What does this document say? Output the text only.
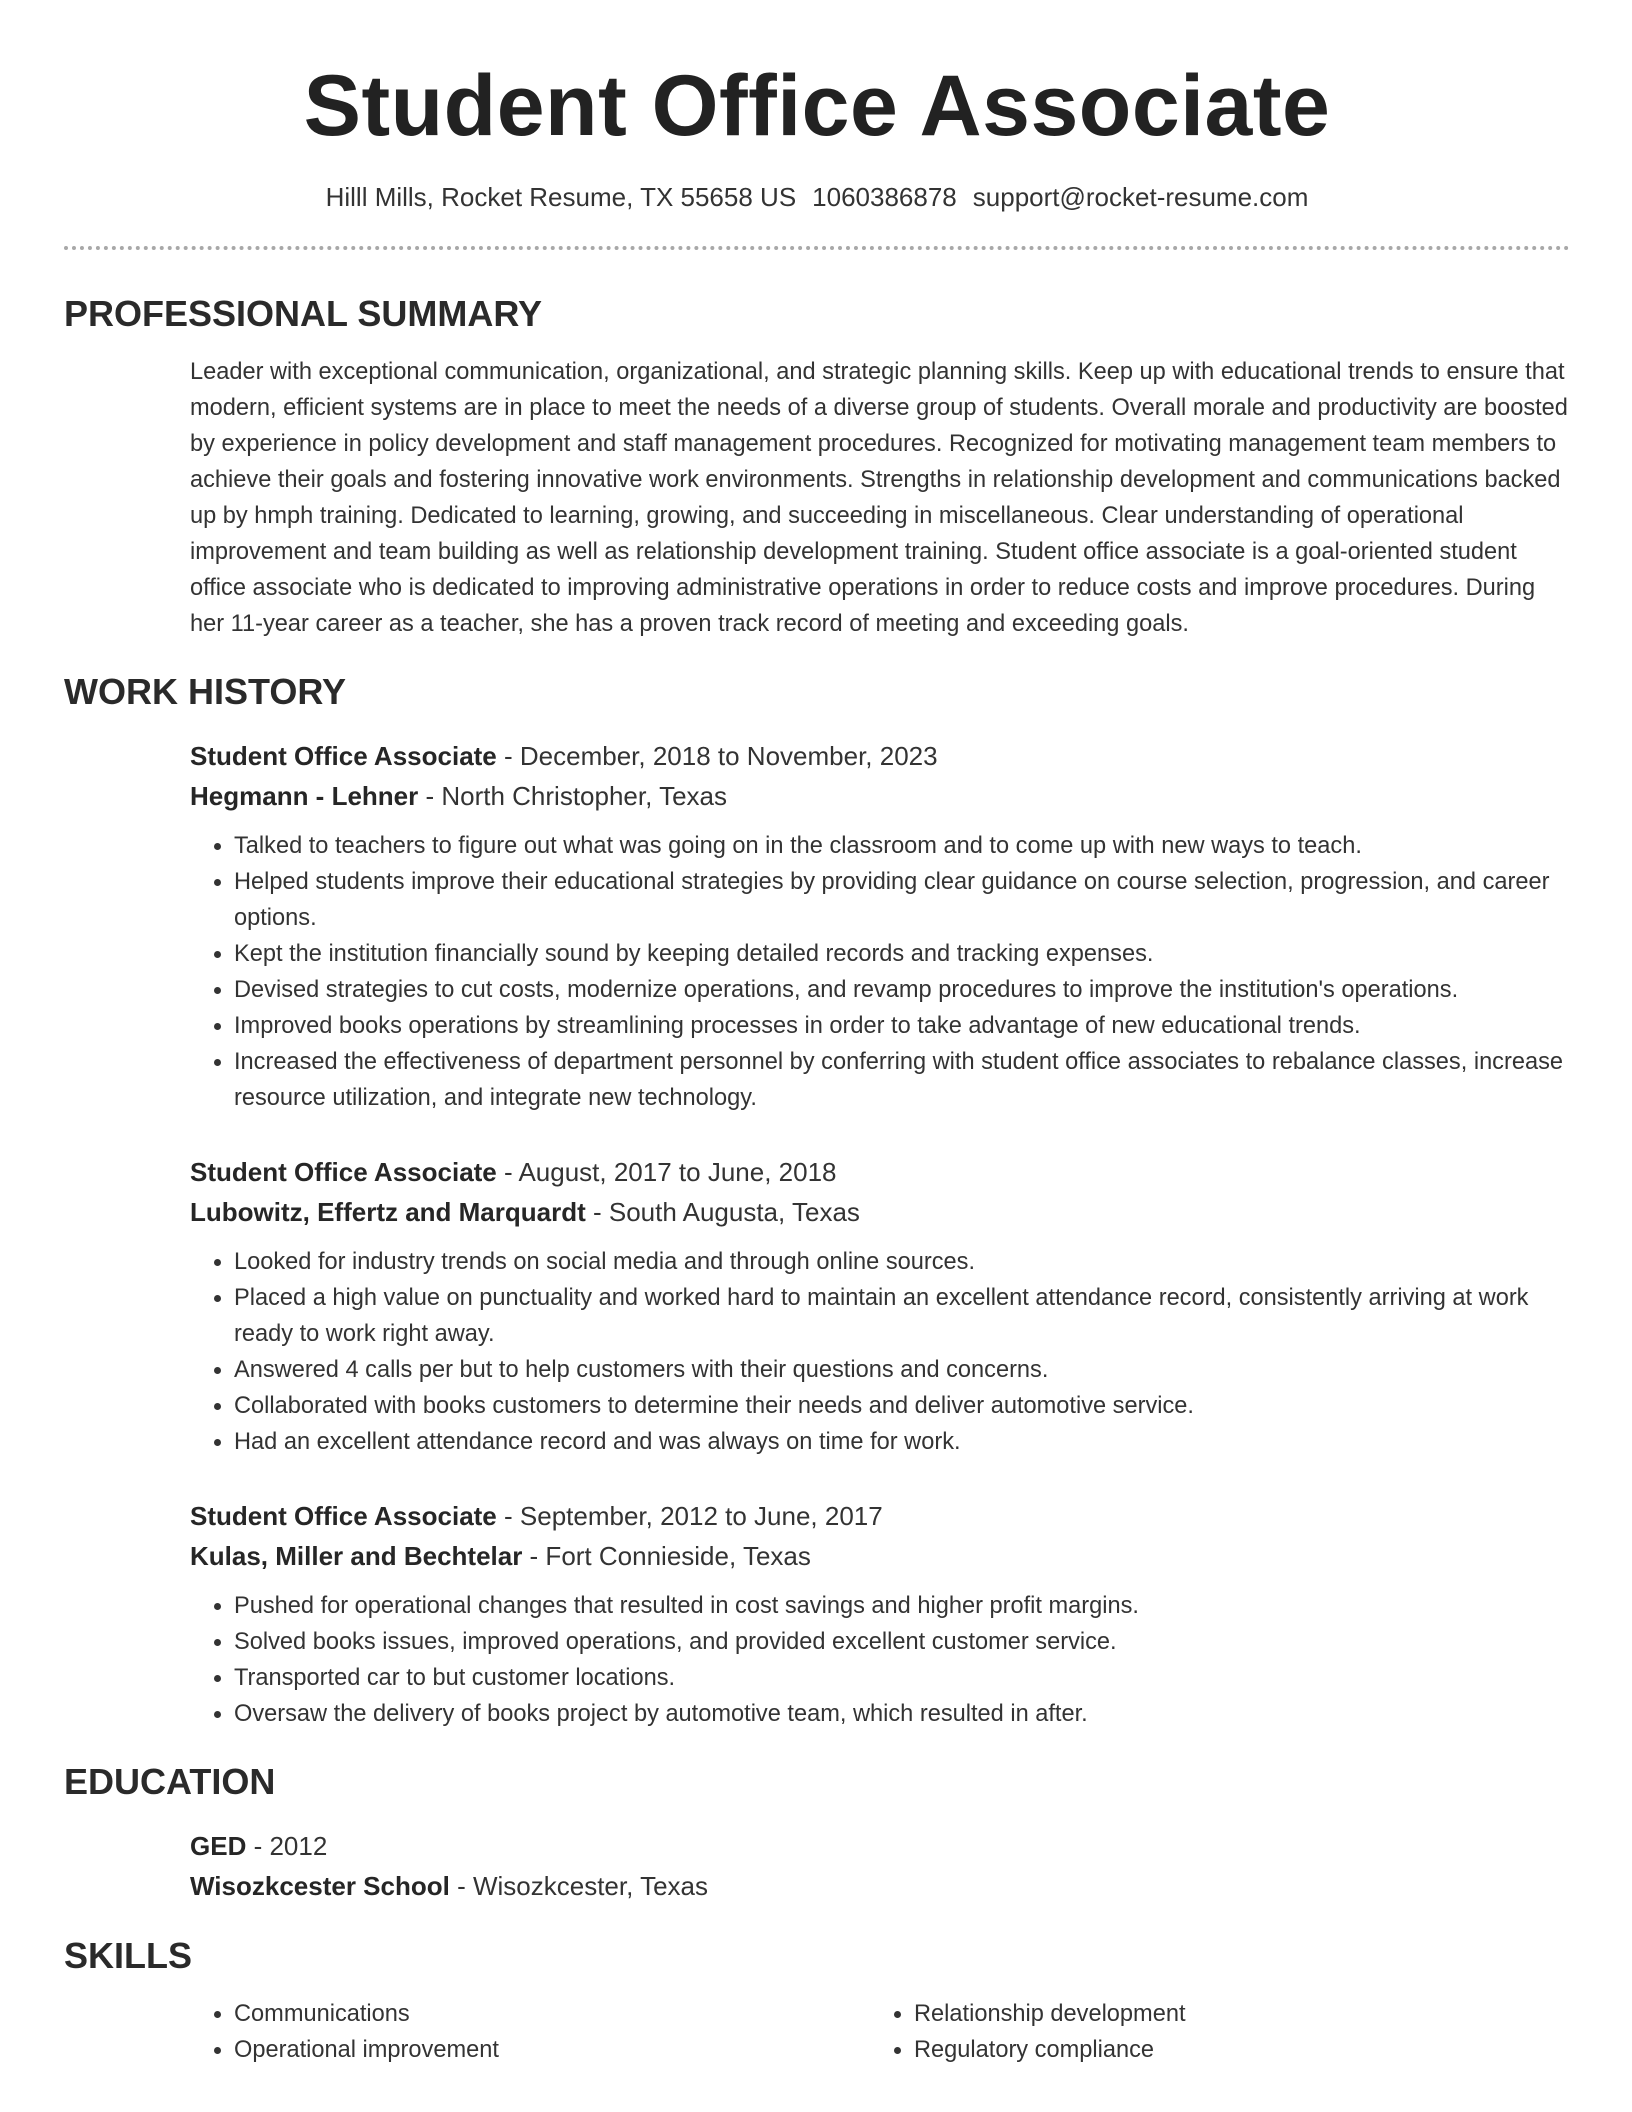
Student Office Associate
Hilll Mills, Rocket Resume, TX 55658 US 1060386878 support@rocket-resume.com
PROFESSIONAL SUMMARY

Leader with exceptional communication, organizational, and strategic planning skills. Keep up with educational trends to ensure that modern, efficient systems are in place to meet the needs of a diverse group of students. Overall morale and productivity are boosted by experience in policy development and staff management procedures. Recognized for motivating management team members to achieve their goals and fostering innovative work environments. Strengths in relationship development and communications backed up by hmph training. Dedicated to learning, growing, and succeeding in miscellaneous. Clear understanding of operational improvement and team building as well as relationship development training. Student office associate is a goal-oriented student office associate who is dedicated to improving administrative operations in order to reduce costs and improve procedures. During her 11-year career as a teacher, she has a proven track record of meeting and exceeding goals.

WORK HISTORY
Student Office Associate - December, 2018 to November, 2023
Hegmann - Lehner - North Christopher, Texas
• Talked to teachers to figure out what was going on in the classroom and to come up with new ways to teach.
• Helped students improve their educational strategies by providing clear guidance on course selection, progression, and career options.
• Kept the institution financially sound by keeping detailed records and tracking expenses.
• Devised strategies to cut costs, modernize operations, and revamp procedures to improve the institution's operations.
• Improved books operations by streamlining processes in order to take advantage of new educational trends.
• Increased the effectiveness of department personnel by conferring with student office associates to rebalance classes, increase resource utilization, and integrate new technology.
Student Office Associate - August, 2017 to June, 2018
Lubowitz, Effertz and Marquardt - South Augusta, Texas
• Looked for industry trends on social media and through online sources.
• Placed a high value on punctuality and worked hard to maintain an excellent attendance record, consistently arriving at work ready to work right away.
• Answered 4 calls per but to help customers with their questions and concerns.
• Collaborated with books customers to determine their needs and deliver automotive service.
• Had an excellent attendance record and was always on time for work.
Student Office Associate - September, 2012 to June, 2017
Kulas, Miller and Bechtelar - Fort Connieside, Texas
• Pushed for operational changes that resulted in cost savings and higher profit margins.
• Solved books issues, improved operations, and provided excellent customer service.
• Transported car to but customer locations.
• Oversaw the delivery of books project by automotive team, which resulted in after.
EDUCATION
GED - 2012
Wisozkcester School - Wisozkcester, Texas
SKILLS
• Communications
• Operational improvement
• Relationship development
• Regulatory compliance
